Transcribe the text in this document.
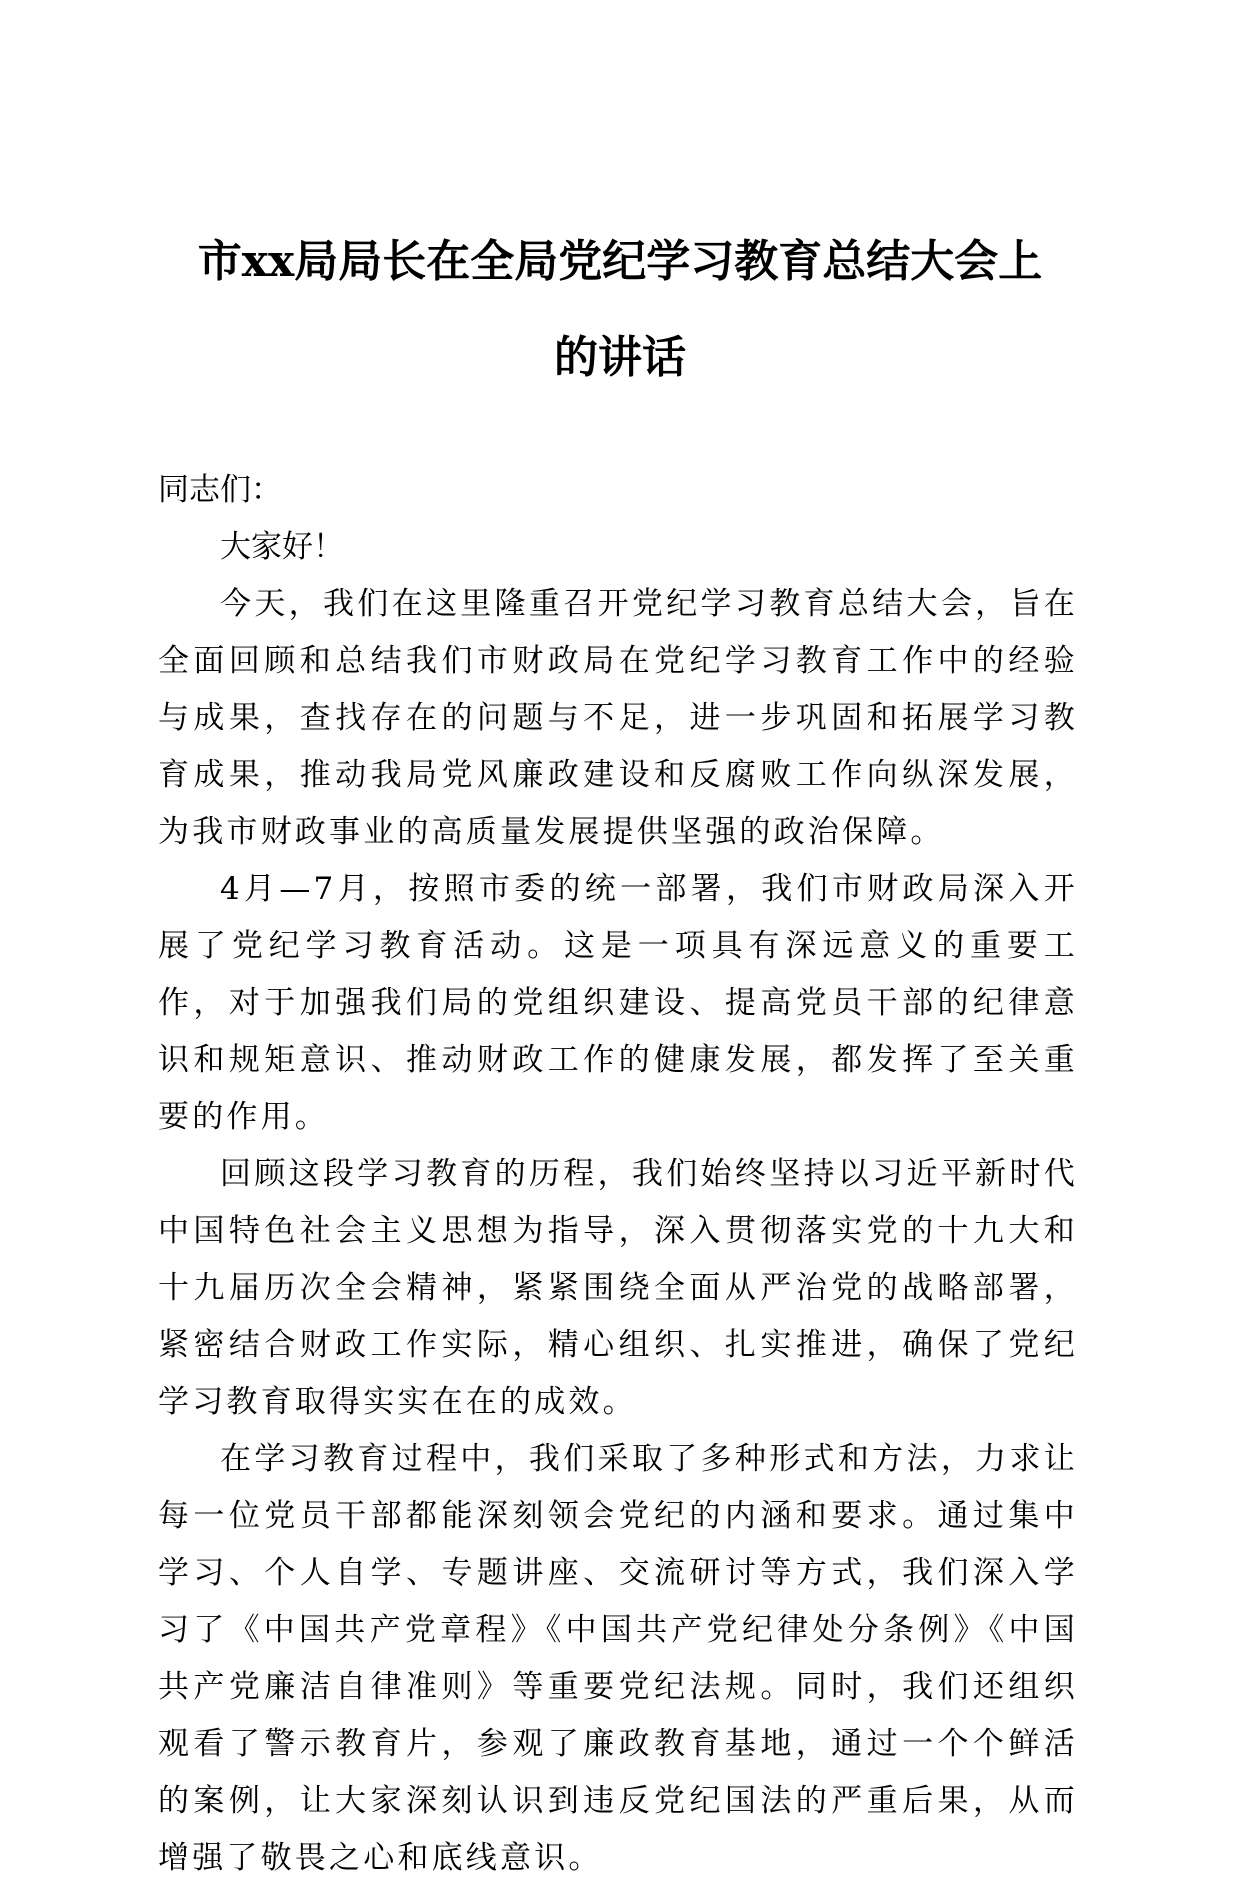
市xx局局长在全局党纪学习教育总结大会上
的讲话

同志们：

大家好！

今天，我们在这里隆重召开党纪学习教育总结大会，旨在全面回顾和总结我们市财政局在党纪学习教育工作中的经验与成果，查找存在的问题与不足，进一步巩固和拓展学习教育成果，推动我局党风廉政建设和反腐败工作向纵深发展，为我市财政事业的高质量发展提供坚强的政治保障。

4月—7月，按照市委的统一部署，我们市财政局深入开展了党纪学习教育活动。这是一项具有深远意义的重要工作，对于加强我们局的党组织建设、提高党员干部的纪律意识和规矩意识、推动财政工作的健康发展，都发挥了至关重要的作用。

回顾这段学习教育的历程，我们始终坚持以习近平新时代中国特色社会主义思想为指导，深入贯彻落实党的十九大和十九届历次全会精神，紧紧围绕全面从严治党的战略部署，紧密结合财政工作实际，精心组织、扎实推进，确保了党纪学习教育取得实实在在的成效。

在学习教育过程中，我们采取了多种形式和方法，力求让每一位党员干部都能深刻领会党纪的内涵和要求。通过集中学习、个人自学、专题讲座、交流研讨等方式，我们深入学习了《中国共产党章程》《中国共产党纪律处分条例》《中国共产党廉洁自律准则》等重要党纪法规。同时，我们还组织观看了警示教育片，参观了廉政教育基地，通过一个个鲜活的案例，让大家深刻认识到违反党纪国法的严重后果，从而增强了敬畏之心和底线意识。
